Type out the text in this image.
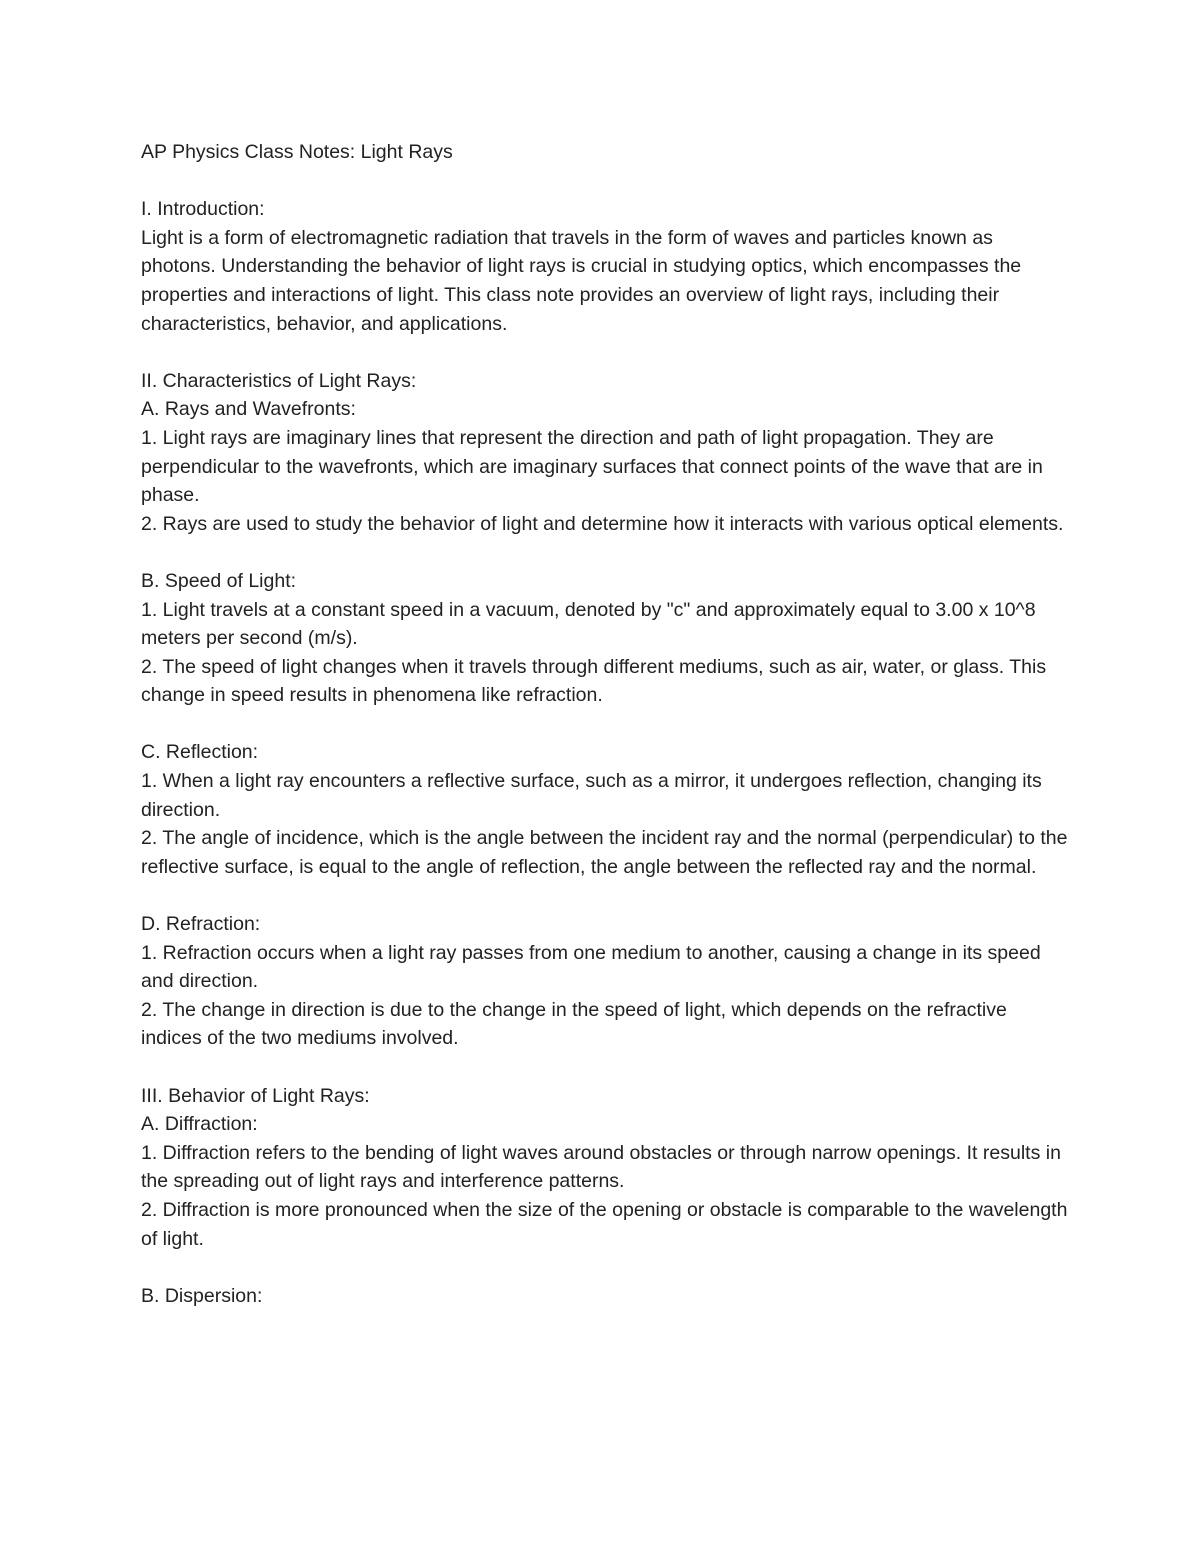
AP Physics Class Notes: Light Rays
I. Introduction:
Light is a form of electromagnetic radiation that travels in the form of waves and particles known as photons. Understanding the behavior of light rays is crucial in studying optics, which encompasses the properties and interactions of light. This class note provides an overview of light rays, including their characteristics, behavior, and applications.
II. Characteristics of Light Rays:
A. Rays and Wavefronts:
1. Light rays are imaginary lines that represent the direction and path of light propagation. They are perpendicular to the wavefronts, which are imaginary surfaces that connect points of the wave that are in phase.
2. Rays are used to study the behavior of light and determine how it interacts with various optical elements.
B. Speed of Light:
1. Light travels at a constant speed in a vacuum, denoted by "c" and approximately equal to 3.00 x 10^8 meters per second (m/s).
2. The speed of light changes when it travels through different mediums, such as air, water, or glass. This change in speed results in phenomena like refraction.
C. Reflection:
1. When a light ray encounters a reflective surface, such as a mirror, it undergoes reflection, changing its direction.
2. The angle of incidence, which is the angle between the incident ray and the normal (perpendicular) to the reflective surface, is equal to the angle of reflection, the angle between the reflected ray and the normal.
D. Refraction:
1. Refraction occurs when a light ray passes from one medium to another, causing a change in its speed and direction.
2. The change in direction is due to the change in the speed of light, which depends on the refractive indices of the two mediums involved.
III. Behavior of Light Rays:
A. Diffraction:
1. Diffraction refers to the bending of light waves around obstacles or through narrow openings. It results in the spreading out of light rays and interference patterns.
2. Diffraction is more pronounced when the size of the opening or obstacle is comparable to the wavelength of light.
B. Dispersion:
